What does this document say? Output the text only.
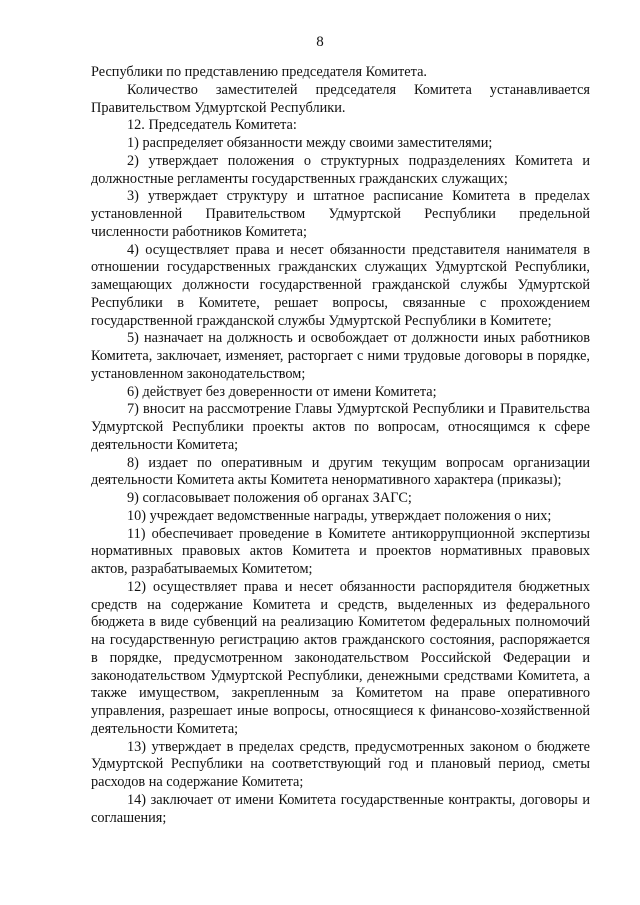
8

Республики по представлению председателя Комитета.

Количество заместителей председателя Комитета устанавливается Правительством Удмуртской Республики.

12. Председатель Комитета:

1) распределяет обязанности между своими заместителями;

2) утверждает положения о структурных подразделениях Комитета и должностные регламенты государственных гражданских служащих;

3) утверждает структуру и штатное расписание Комитета в пределах установленной Правительством Удмуртской Республики предельной численности работников Комитета;

4) осуществляет права и несет обязанности представителя нанимателя в отношении государственных гражданских служащих Удмуртской Республики, замещающих должности государственной гражданской службы Удмуртской Республики в Комитете, решает вопросы, связанные с прохождением государственной гражданской службы Удмуртской Республики в Комитете;

5) назначает на должность и освобождает от должности иных работников Комитета, заключает, изменяет, расторгает с ними трудовые договоры в порядке, установленном законодательством;

6) действует без доверенности от имени Комитета;

7) вносит на рассмотрение Главы Удмуртской Республики и Правительства Удмуртской Республики проекты актов по вопросам, относящимся к сфере деятельности Комитета;

8) издает по оперативным и другим текущим вопросам организации деятельности Комитета акты Комитета ненормативного характера (приказы);

9) согласовывает положения об органах ЗАГС;

10) учреждает ведомственные награды, утверждает положения о них;

11) обеспечивает проведение в Комитете антикоррупционной экспертизы нормативных правовых актов Комитета и проектов нормативных правовых актов, разрабатываемых Комитетом;

12) осуществляет права и несет обязанности распорядителя бюджетных средств на содержание Комитета и средств, выделенных из федерального бюджета в виде субвенций на реализацию Комитетом федеральных полномочий на государственную регистрацию актов гражданского состояния, распоряжается в порядке, предусмотренном законодательством Российской Федерации и законодательством Удмуртской Республики, денежными средствами Комитета, а также имуществом, закрепленным за Комитетом на праве оперативного управления, разрешает иные вопросы, относящиеся к финансово-хозяйственной деятельности Комитета;

13) утверждает в пределах средств, предусмотренных законом о бюджете Удмуртской Республики на соответствующий год и плановый период, сметы расходов на содержание Комитета;

14) заключает от имени Комитета государственные контракты, договоры и соглашения;
